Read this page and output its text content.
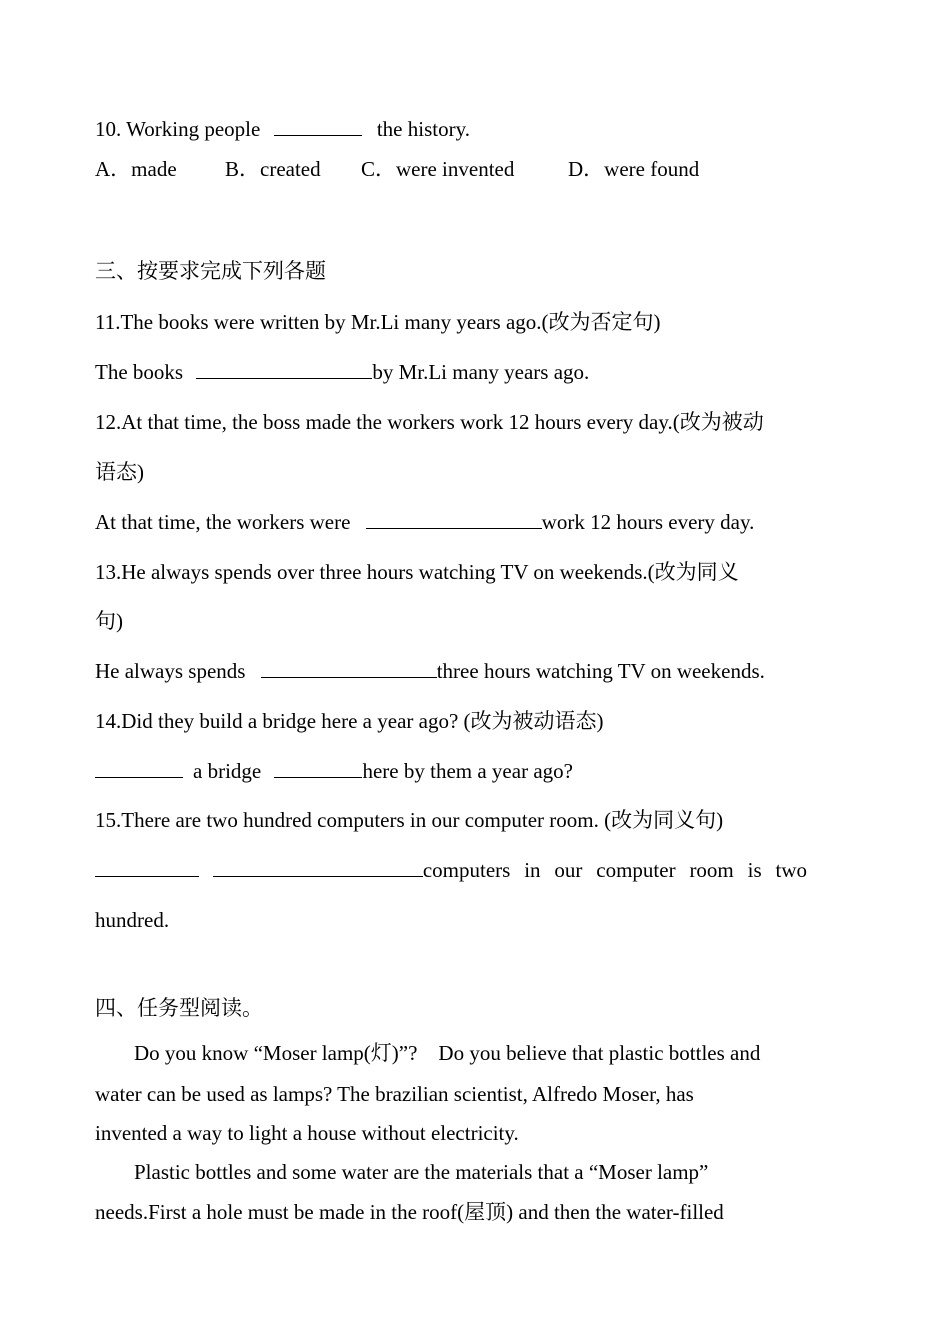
10. Working people	the history.
A．made B．created C．were invented	D．were found
三、按要求完成下列各题
11.The books were written by Mr.Li many years ago.(改为否定句)
The books	by Mr.Li many years ago.
12.At that time, the boss made the workers work 12 hours every day.(改为被动
语态)
At that time, the workers were	work 12 hours every day.
13.He always spends over three hours watching TV on weekends.(改为同义
句)
He always spends	three hours watching TV on weekends.
14.Did they build a bridge here a year ago? (改为被动语态)
a bridge	here by them a year ago?
15.There are two hundred computers in our computer room. (改为同义句)
computers in our computer room is two
hundred.
四、任务型阅读。
Do you know “Moser lamp(灯)”?　Do you believe that plastic bottles and
water can be used as lamps? The brazilian scientist, Alfredo Moser, has
invented a way to light a house without electricity.
Plastic bottles and some water are the materials that a “Moser lamp”
needs.First a hole must be made in the roof(屋顶) and then the water-filled
